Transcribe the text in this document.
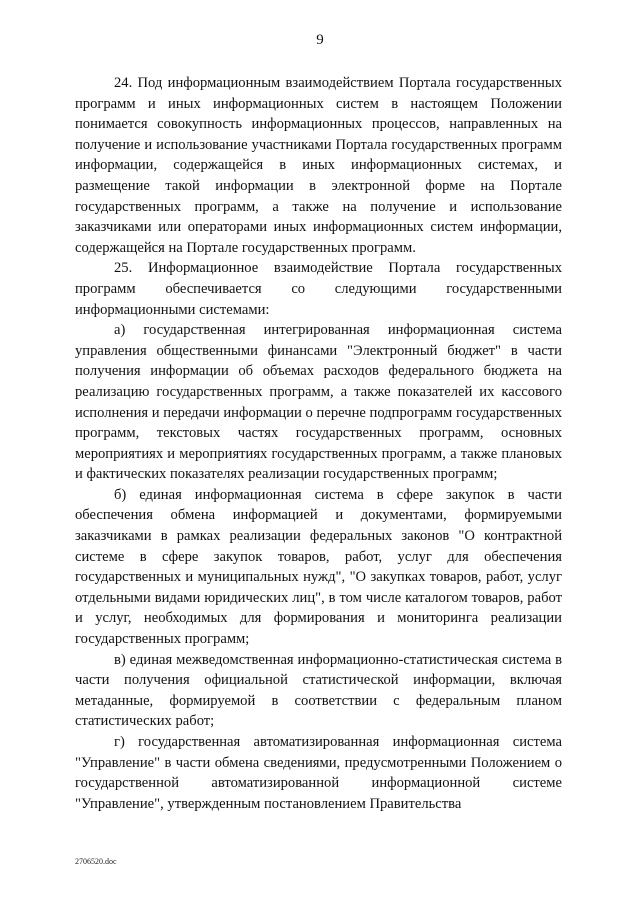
9

24. Под информационным взаимодействием Портала государственных программ и иных информационных систем в настоящем Положении понимается совокупность информационных процессов, направленных на получение и использование участниками Портала государственных программ информации, содержащейся в иных информационных системах, и размещение такой информации в электронной форме на Портале государственных программ, а также на получение и использование заказчиками или операторами иных информационных систем информации, содержащейся на Портале государственных программ.

25. Информационное взаимодействие Портала государственных программ обеспечивается со следующими государственными информационными системами:

а) государственная интегрированная информационная система управления общественными финансами "Электронный бюджет" в части получения информации об объемах расходов федерального бюджета на реализацию государственных программ, а также показателей их кассового исполнения и передачи информации о перечне подпрограмм государственных программ, текстовых частях государственных программ, основных мероприятиях и мероприятиях государственных программ, а также плановых и фактических показателях реализации государственных программ;

б) единая информационная система в сфере закупок в части обеспечения обмена информацией и документами, формируемыми заказчиками в рамках реализации федеральных законов "О контрактной системе в сфере закупок товаров, работ, услуг для обеспечения государственных и муниципальных нужд", "О закупках товаров, работ, услуг отдельными видами юридических лиц", в том числе каталогом товаров, работ и услуг, необходимых для формирования и мониторинга реализации государственных программ;

в) единая межведомственная информационно-статистическая система в части получения официальной статистической информации, включая метаданные, формируемой в соответствии с федеральным планом статистических работ;

г) государственная автоматизированная информационная система "Управление" в части обмена сведениями, предусмотренными Положением о государственной автоматизированной информационной системе "Управление", утвержденным постановлением Правительства

2706520.doc
